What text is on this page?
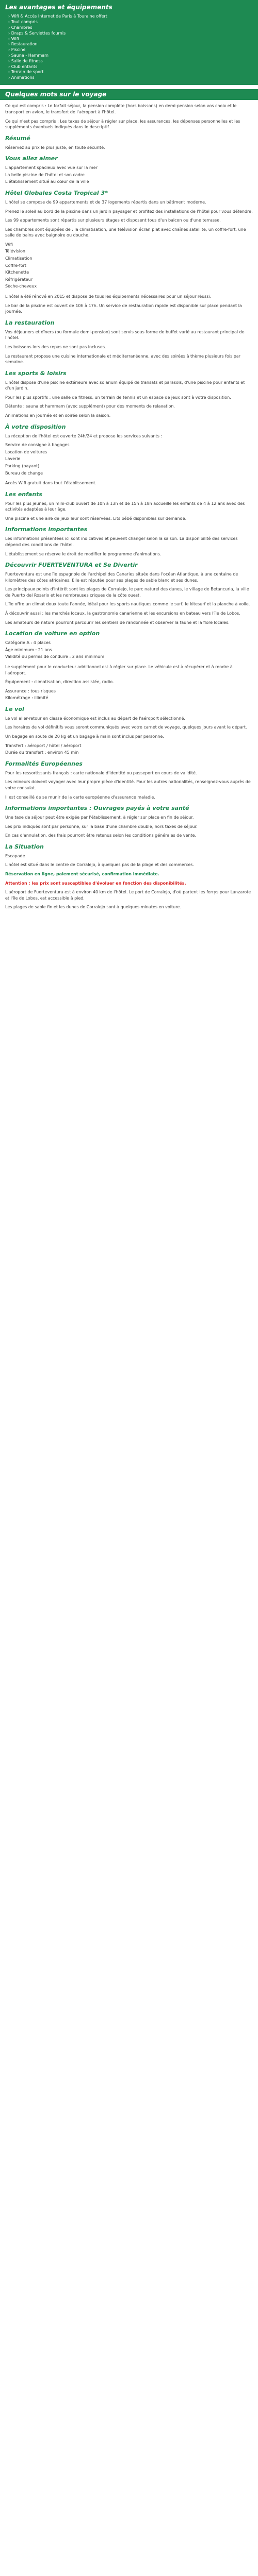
Les avantages et équipements
› Wifi & Accès Internet de Paris à Touraine offert
› Tout compris
› Chambres
› Draps & Serviettes fournis
› Wifi
› Restauration
› Piscine
› Sauna - Hammam
› Salle de fitness
› Club enfants
› Terrain de sport
› Animations
Quelques mots sur le voyage

Ce qui est compris : Le forfait séjour, la pension complète (hors boissons) en demi-pension selon vos choix et le transport en avion, le transfert de l'aéroport à l'hôtel.

Ce qui n'est pas compris : Les taxes de séjour à régler sur place, les assurances, les dépenses personnelles et les suppléments éventuels indiqués dans le descriptif.

Résumé

Réservez au prix le plus juste, en toute sécurité.

Vous allez aimer

L'appartement spacieux avec vue sur la mer

La belle piscine de l'hôtel et son cadre

L'établissement situé au cœur de la ville

Hôtel Globales Costa Tropical 3*

L'hôtel se compose de 99 appartements et de 37 logements répartis dans un bâtiment moderne.

Prenez le soleil au bord de la piscine dans un jardin paysager et profitez des installations de l'hôtel pour vous détendre.

Les 99 appartements sont répartis sur plusieurs étages et disposent tous d'un balcon ou d'une terrasse.

Les chambres sont équipées de : la climatisation, une télévision écran plat avec chaînes satellite, un coffre-fort, une salle de bains avec baignoire ou douche.

Wifi

Télévision

Climatisation

Coffre-fort

Kitchenette

Réfrigérateur

Sèche-cheveux

L'hôtel a été rénové en 2015 et dispose de tous les équipements nécessaires pour un séjour réussi.

Le bar de la piscine est ouvert de 10h à 17h. Un service de restauration rapide est disponible sur place pendant la journée.

La restauration

Vos déjeuners et dîners (ou formule demi-pension) sont servis sous forme de buffet varié au restaurant principal de l'hôtel.

Les boissons lors des repas ne sont pas incluses.

Le restaurant propose une cuisine internationale et méditerranéenne, avec des soirées à thème plusieurs fois par semaine.

Les sports & loisirs

L'hôtel dispose d'une piscine extérieure avec solarium équipé de transats et parasols, d'une piscine pour enfants et d'un jardin.

Pour les plus sportifs : une salle de fitness, un terrain de tennis et un espace de jeux sont à votre disposition.

Détente : sauna et hammam (avec supplément) pour des moments de relaxation.

Animations en journée et en soirée selon la saison.

À votre disposition

La réception de l'hôtel est ouverte 24h/24 et propose les services suivants :

Service de consigne à bagages

Location de voitures

Laverie

Parking (payant)

Bureau de change

Accès Wifi gratuit dans tout l'établissement.

Les enfants

Pour les plus jeunes, un mini-club ouvert de 10h à 13h et de 15h à 18h accueille les enfants de 4 à 12 ans avec des activités adaptées à leur âge.

Une piscine et une aire de jeux leur sont réservées. Lits bébé disponibles sur demande.

Informations importantes

Les informations présentées ici sont indicatives et peuvent changer selon la saison. La disponibilité des services dépend des conditions de l'hôtel.

L'établissement se réserve le droit de modifier le programme d'animations.

Découvrir FUERTEVENTURA et Se Divertir

Fuerteventura est une île espagnole de l'archipel des Canaries située dans l'océan Atlantique, à une centaine de kilomètres des côtes africaines. Elle est réputée pour ses plages de sable blanc et ses dunes.

Les principaux points d'intérêt sont les plages de Corralejo, le parc naturel des dunes, le village de Betancuria, la ville de Puerto del Rosario et les nombreuses criques de la côte ouest.

L'île offre un climat doux toute l'année, idéal pour les sports nautiques comme le surf, le kitesurf et la planche à voile.

À découvrir aussi : les marchés locaux, la gastronomie canarienne et les excursions en bateau vers l'île de Lobos.

Les amateurs de nature pourront parcourir les sentiers de randonnée et observer la faune et la flore locales.

Location de voiture en option

Catégorie A : 4 places

Âge minimum : 21 ans

Validité du permis de conduire : 2 ans minimum

Le supplément pour le conducteur additionnel est à régler sur place. Le véhicule est à récupérer et à rendre à l'aéroport.

Équipement : climatisation, direction assistée, radio.

Assurance : tous risques

Kilométrage : illimité

Le vol

Le vol aller-retour en classe économique est inclus au départ de l'aéroport sélectionné.

Les horaires de vol définitifs vous seront communiqués avec votre carnet de voyage, quelques jours avant le départ.

Un bagage en soute de 20 kg et un bagage à main sont inclus par personne.

Transfert : aéroport / hôtel / aéroport

Durée du transfert : environ 45 min

Formalités Européennes

Pour les ressortissants français : carte nationale d'identité ou passeport en cours de validité.

Les mineurs doivent voyager avec leur propre pièce d'identité. Pour les autres nationalités, renseignez-vous auprès de votre consulat.

Il est conseillé de se munir de la carte européenne d'assurance maladie.

Informations importantes : Ouvrages payés à votre santé

Une taxe de séjour peut être exigée par l'établissement, à régler sur place en fin de séjour.

Les prix indiqués sont par personne, sur la base d'une chambre double, hors taxes de séjour.

En cas d'annulation, des frais pourront être retenus selon les conditions générales de vente.

La Situation

Escapade

L'hôtel est situé dans le centre de Corralejo, à quelques pas de la plage et des commerces.

Réservation en ligne, paiement sécurisé, confirmation immédiate.

Attention : les prix sont susceptibles d'évoluer en fonction des disponibilités.

L'aéroport de Fuerteventura est à environ 40 km de l'hôtel. Le port de Corralejo, d'où partent les ferrys pour Lanzarote et l'île de Lobos, est accessible à pied.

Les plages de sable fin et les dunes de Corralejo sont à quelques minutes en voiture.
